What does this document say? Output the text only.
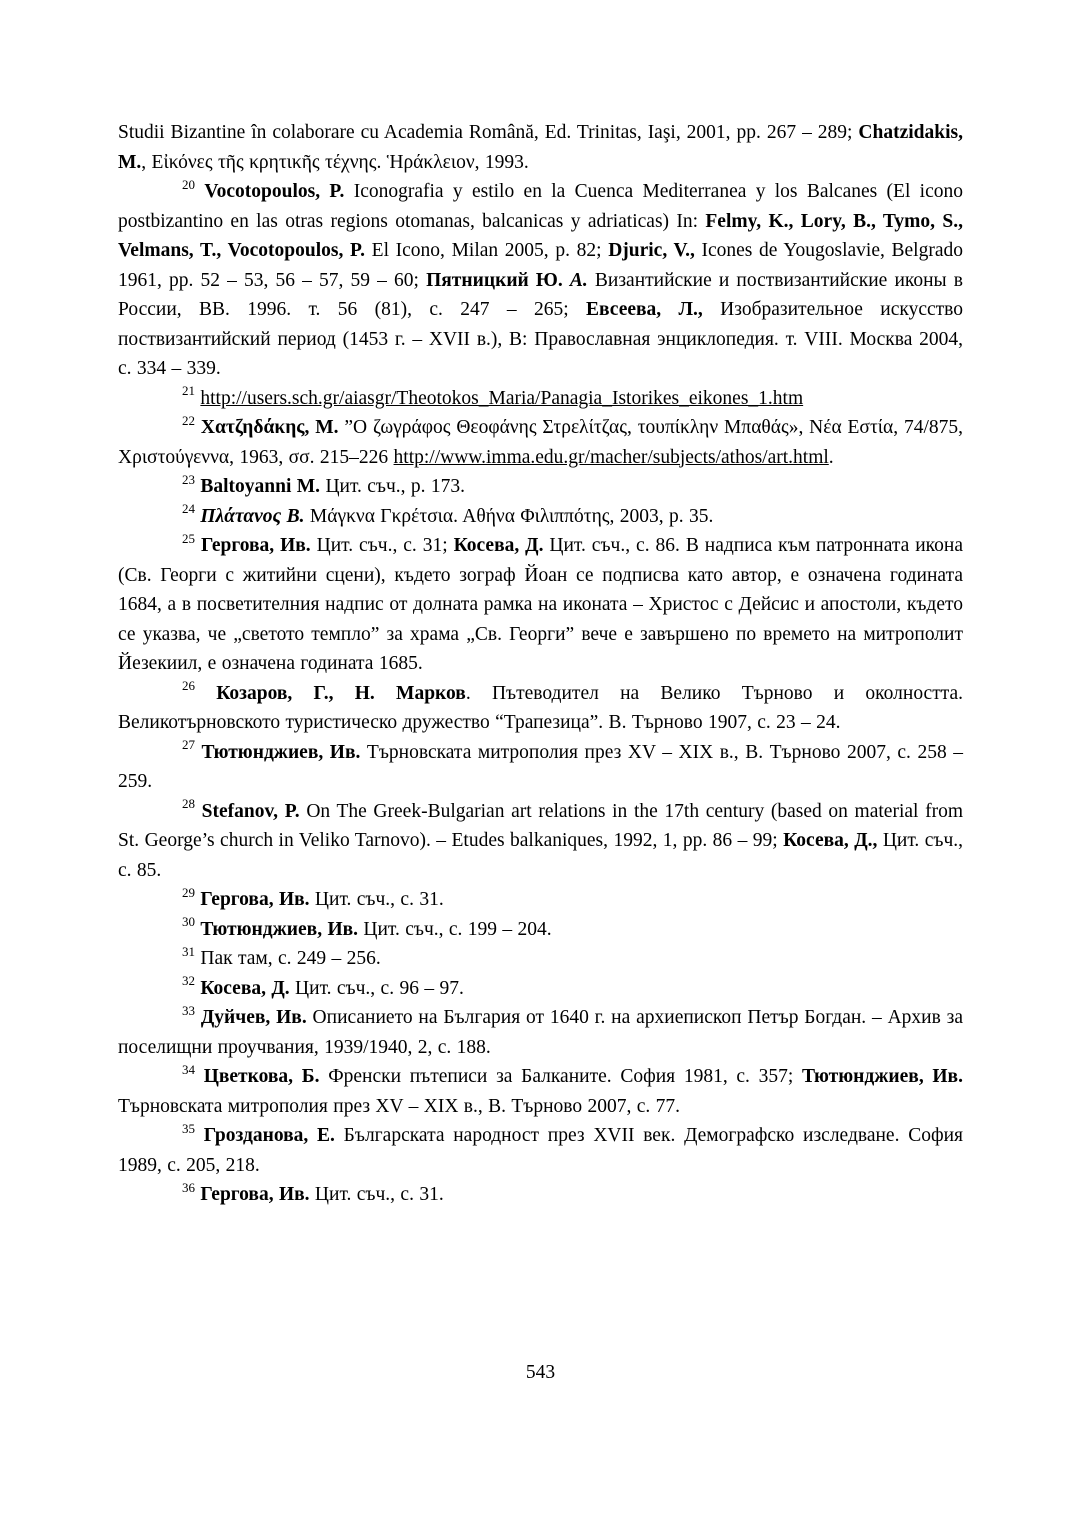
Studii Bizantine în colaborare cu Academia Română, Ed. Trinitas, Iaşi, 2001, pp. 267 – 289; Chatzidakis, M., Εἰκόνες τῆς κρητικῆς τέχνης. Ἡράκλειον, 1993.

$^{20}$ Vocotopoulos, P. Iconografia y estilo en la Cuenca Mediterranea y los Balcanes (El icono postbizantino en las otras regions otomanas, balcanicas y adriaticas) In: Felmy, K., Lory, B., Tymo, S., Velmans, T., Vocotopoulos, P. El Icono, Milan 2005, p. 82; Djuric, V., Icones de Yougoslavie, Belgrado 1961, pp. 52 – 53, 56 – 57, 59 – 60; Пятницкий Ю. А. Византийские и поствизантийские иконы в России, ВВ. 1996. т. 56 (81), с. 247 – 265; Евсеева, Л., Изобразительное искусство поствизантийский период (1453 г. – XVII в.), В: Православная энциклопедия. т. VIII. Москва 2004, с. 334 – 339.

$^{21}$ http://users.sch.gr/aiasgr/Theotokos_Maria/Panagia_Istorikes_eikones_1.htm

$^{22}$ Χατζηδάκης, Μ. ”Ο ζωγράφος Θεοφάνης Στρελίτζας, τουπίκλην Μπαθάς», Νέα Εστία, 74/875, Χριστούγεννα, 1963, σσ. 215–226 http://www.imma.edu.gr/macher/subjects/athos/art.html.

$^{23}$ Baltoyanni M. Цит. съч., p. 173.

$^{24}$ Πλάτανος Β. Μάγκνα Γκρέτσια. Αθήνα Φιλιππότης, 2003, p. 35.

$^{25}$ Гергова, Ив. Цит. съч., с. 31; Косева, Д. Цит. съч., с. 86. В надписа към патронната икона (Св. Георги с житийни сцени), където зограф Йоан се подписва като автор, е означена годината 1684, а в посветителния надпис от долната рамка на иконата – Христос с Дейсис и апостоли, където се указва, че „светото темпло” за храма „Св. Георги” вече е завършено по времето на митрополит Йезекиил, е означена годината 1685.

$^{26}$ Козаров, Г., Н. Марков. Пътеводител на Велико Търново и околността. Великотърновското туристическо дружество “Трапезица”. В. Търново 1907, с. 23 – 24.

$^{27}$ Тютюнджиев, Ив. Търновската митрополия през XV – XIX в., В. Търново 2007, с. 258 – 259.

$^{28}$ Stefanov, P. On The Greek-Bulgarian art relations in the 17th century (based on material from St. George’s church in Veliko Tarnovo). – Etudes balkaniques, 1992, 1, pp. 86 – 99; Косева, Д., Цит. съч., с. 85.

$^{29}$ Гергова, Ив. Цит. съч., с. 31.

$^{30}$ Тютюнджиев, Ив. Цит. съч., с. 199 – 204.

$^{31}$ Пак там, с. 249 – 256.

$^{32}$ Косева, Д. Цит. съч., с. 96 – 97.

$^{33}$ Дуйчев, Ив. Описанието на България от 1640 г. на архиепископ Петър Богдан. – Архив за поселищни проучвания, 1939/1940, 2, с. 188.

$^{34}$ Цветкова, Б. Френски пътеписи за Балканите. София 1981, с. 357; Тютюнджиев, Ив. Търновската митрополия през XV – XIX в., В. Търново 2007, с. 77.

$^{35}$ Грозданова, Е. Българската народност през XVII век. Демографско изследване. София 1989, с. 205, 218.

$^{36}$ Гергова, Ив. Цит. съч., с. 31.

543
